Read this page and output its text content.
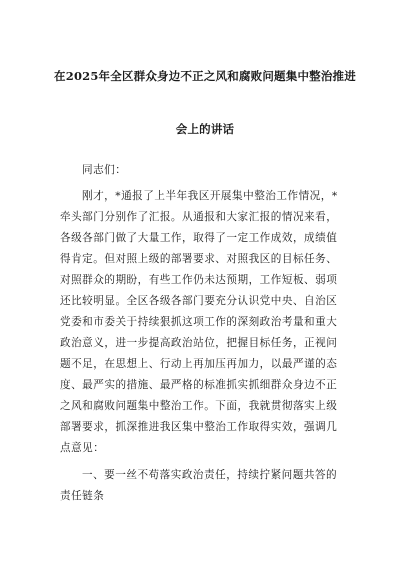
在2025年全区群众身边不正之风和腐败问题集中整治推进
会上的讲话
同志们：
刚才，*通报了上半年我区开展集中整治工作情况，*
牵头部门分别作了汇报。从通报和大家汇报的情况来看，
各级各部门做了大量工作，取得了一定工作成效，成绩值
得肯定。但对照上级的部署要求、对照我区的目标任务、
对照群众的期盼，有些工作仍未达预期，工作短板、弱项
还比较明显。全区各级各部门要充分认识党中央、自治区
党委和市委关于持续狠抓这项工作的深刻政治考量和重大
政治意义，进一步提高政治站位，把握目标任务，正视问
题不足，在思想上、行动上再加压再加力，以最严谨的态
度、最严实的措施、最严格的标准抓实抓细群众身边不正
之风和腐败问题集中整治工作。下面，我就贯彻落实上级
部署要求，抓深推进我区集中整治工作取得实效，强调几
点意见：
一、要一丝不苟落实政治责任，持续拧紧问题共答的
责任链条
